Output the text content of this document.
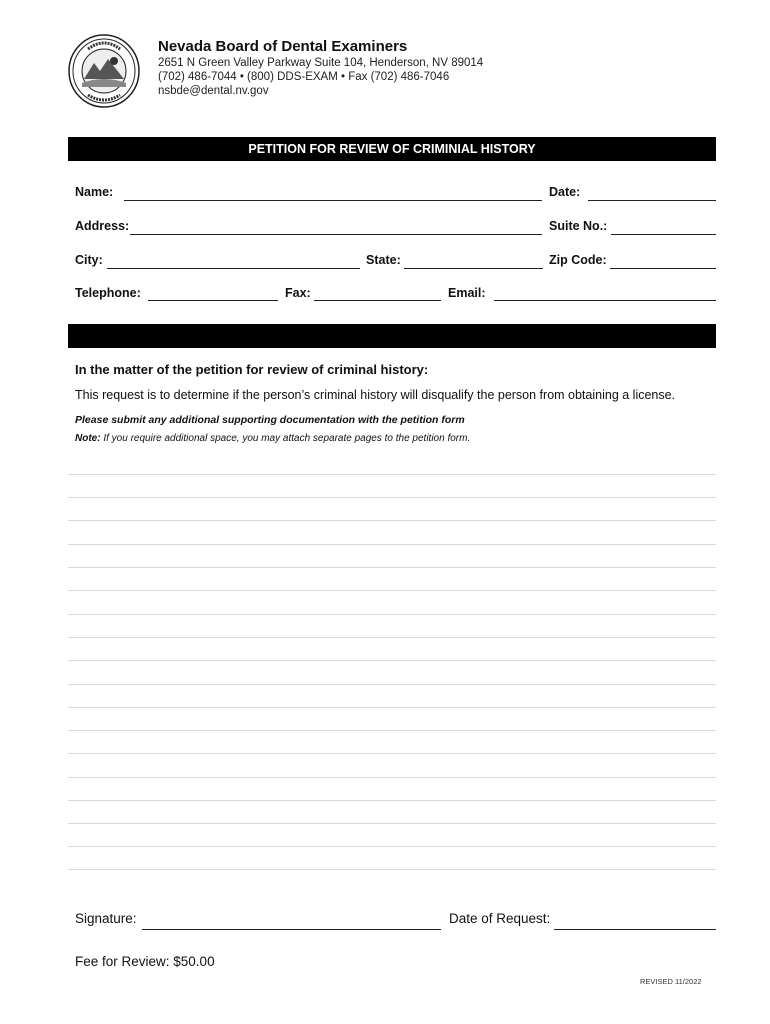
Nevada Board of Dental Examiners
2651 N Green Valley Parkway Suite 104, Henderson, NV 89014
(702) 486-7044 • (800) DDS-EXAM • Fax (702) 486-7046
nsbde@dental.nv.gov
PETITION FOR REVIEW OF CRIMINIAL HISTORY
Name:	Date:
Address:	Suite No.:
City:	State:	Zip Code:
Telephone:	Fax:	Email:
In the matter of the petition for review of criminal history:
This request is to determine if the person’s criminal history will disqualify the person from obtaining a license.
Please submit any additional supporting documentation with the petition form
Note: If you require additional space, you may attach separate pages to the petition form.
Signature:	Date of Request:
Fee for Review: $50.00
REVISED 11/2022
